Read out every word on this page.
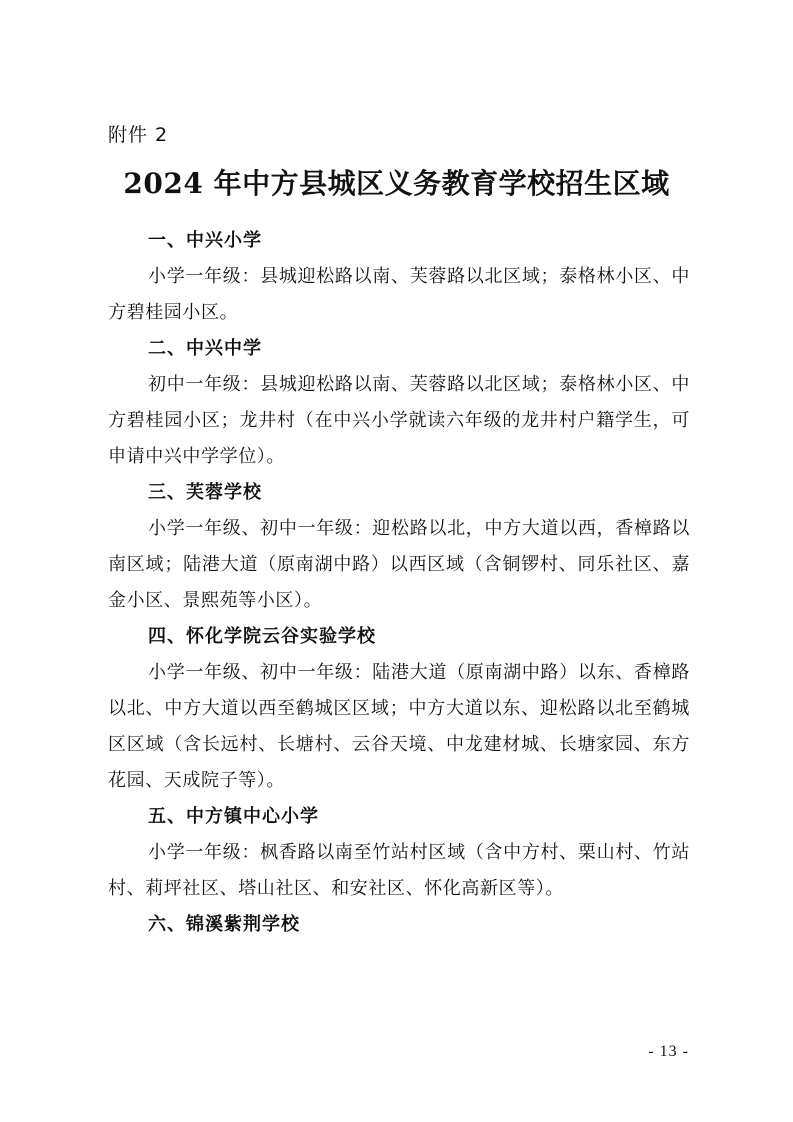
附件 2
2024 年中方县城区义务教育学校招生区域
一、中兴小学

小学一年级：县城迎松路以南、芙蓉路以北区域；泰格林小区、中方碧桂园小区。

二、中兴中学

初中一年级：县城迎松路以南、芙蓉路以北区域；泰格林小区、中方碧桂园小区；龙井村（在中兴小学就读六年级的龙井村户籍学生，可申请中兴中学学位）。

三、芙蓉学校

小学一年级、初中一年级：迎松路以北，中方大道以西，香樟路以南区域；陆港大道（原南湖中路）以西区域（含铜锣村、同乐社区、嘉金小区、景熙苑等小区）。

四、怀化学院云谷实验学校

小学一年级、初中一年级：陆港大道（原南湖中路）以东、香樟路以北、中方大道以西至鹤城区区域；中方大道以东、迎松路以北至鹤城区区域（含长远村、长塘村、云谷天境、中龙建材城、长塘家园、东方花园、天成院子等）。

五、中方镇中心小学

小学一年级：枫香路以南至竹站村区域（含中方村、栗山村、竹站村、莉坪社区、塔山社区、和安社区、怀化高新区等）。

六、锦溪紫荆学校
- 13 -
